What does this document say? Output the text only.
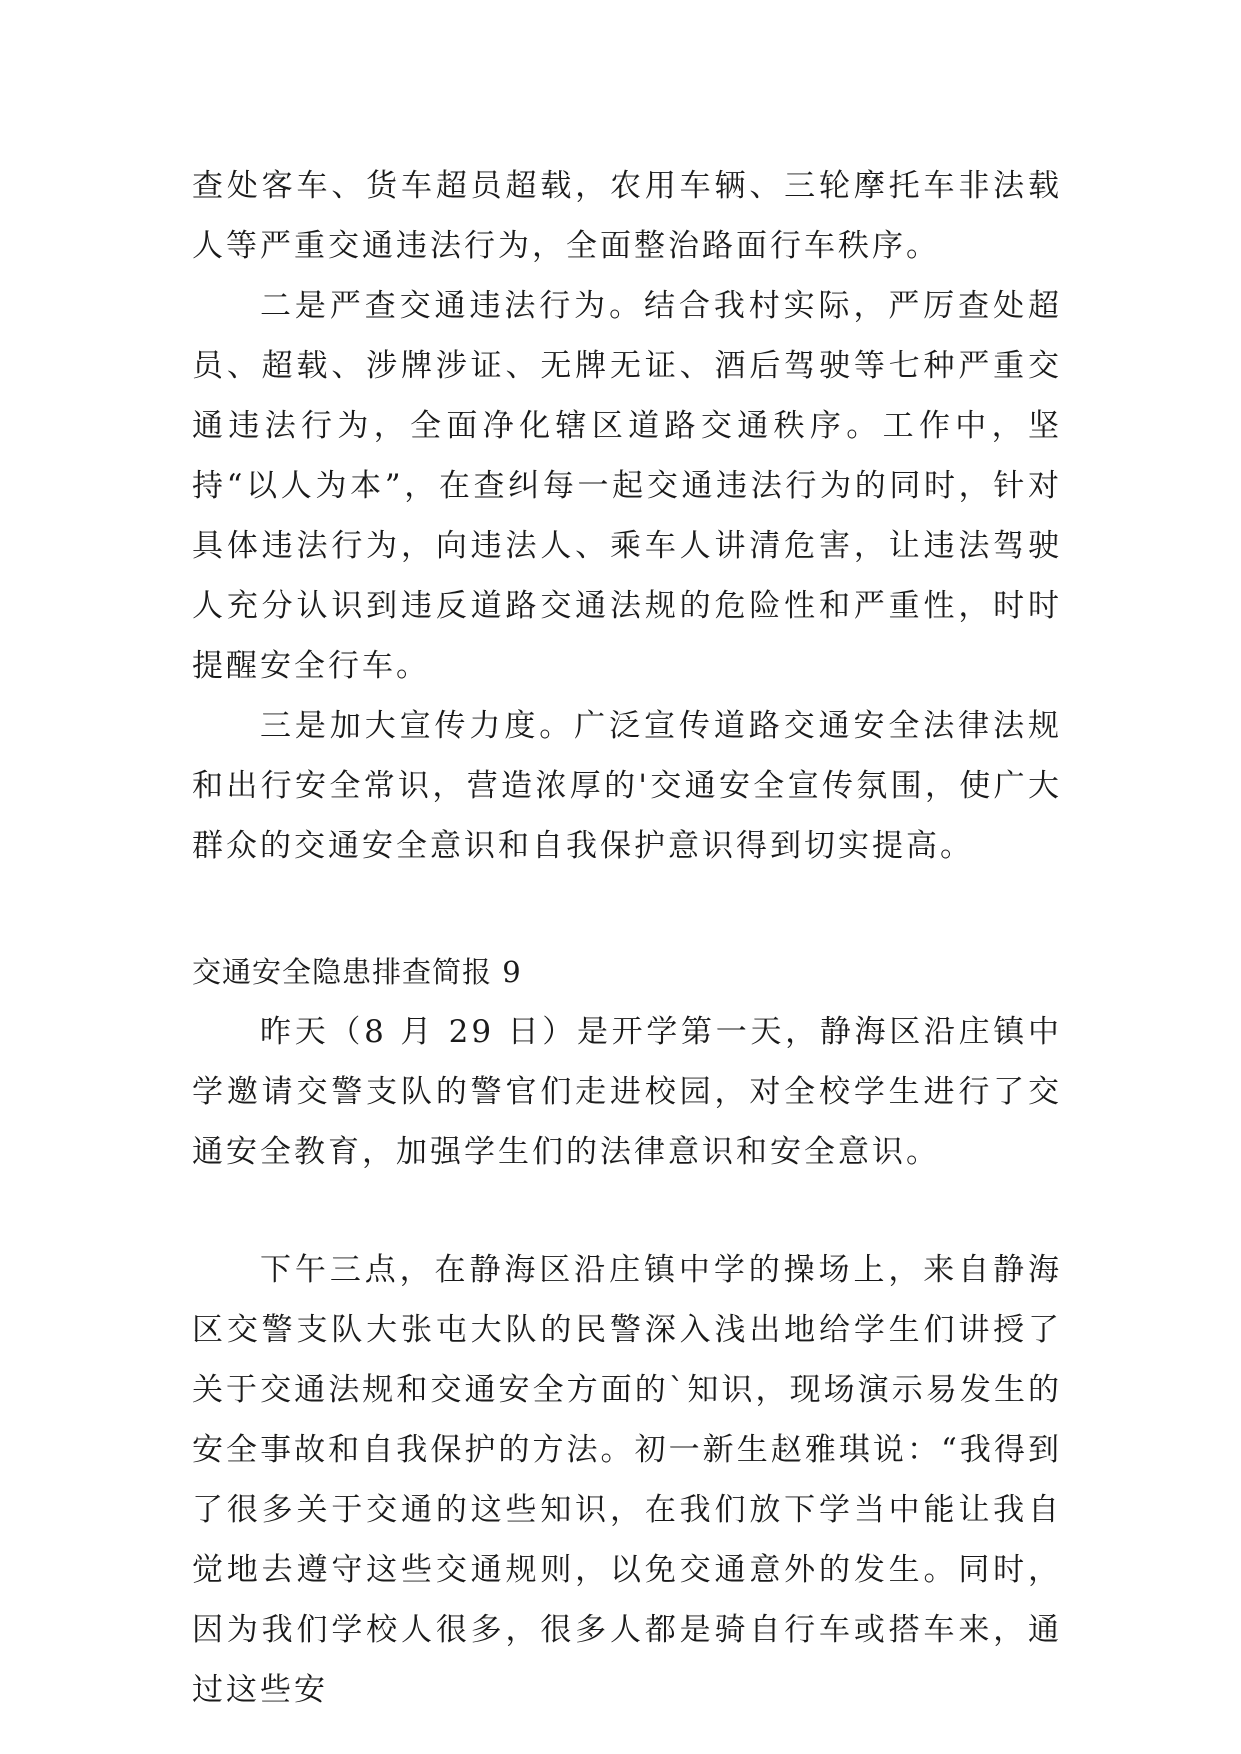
查处客车、货车超员超载，农用车辆、三轮摩托车非法载人等严重交通违法行为，全面整治路面行车秩序。

二是严查交通违法行为。结合我村实际，严厉查处超员、超载、涉牌涉证、无牌无证、酒后驾驶等七种严重交通违法行为，全面净化辖区道路交通秩序。工作中，坚持“以人为本”，在查纠每一起交通违法行为的同时，针对具体违法行为，向违法人、乘车人讲清危害，让违法驾驶人充分认识到违反道路交通法规的危险性和严重性，时时提醒安全行车。

三是加大宣传力度。广泛宣传道路交通安全法律法规和出行安全常识，营造浓厚的'交通安全宣传氛围，使广大群众的交通安全意识和自我保护意识得到切实提高。

交通安全隐患排查简报 9

昨天（8 月 29 日）是开学第一天，静海区沿庄镇中学邀请交警支队的警官们走进校园，对全校学生进行了交通安全教育，加强学生们的法律意识和安全意识。

下午三点，在静海区沿庄镇中学的操场上，来自静海区交警支队大张屯大队的民警深入浅出地给学生们讲授了关于交通法规和交通安全方面的`知识，现场演示易发生的安全事故和自我保护的方法。初一新生赵雅琪说：“我得到了很多关于交通的这些知识，在我们放下学当中能让我自觉地去遵守这些交通规则，以免交通意外的发生。同时，因为我们学校人很多，很多人都是骑自行车或搭车来，通过这些安
